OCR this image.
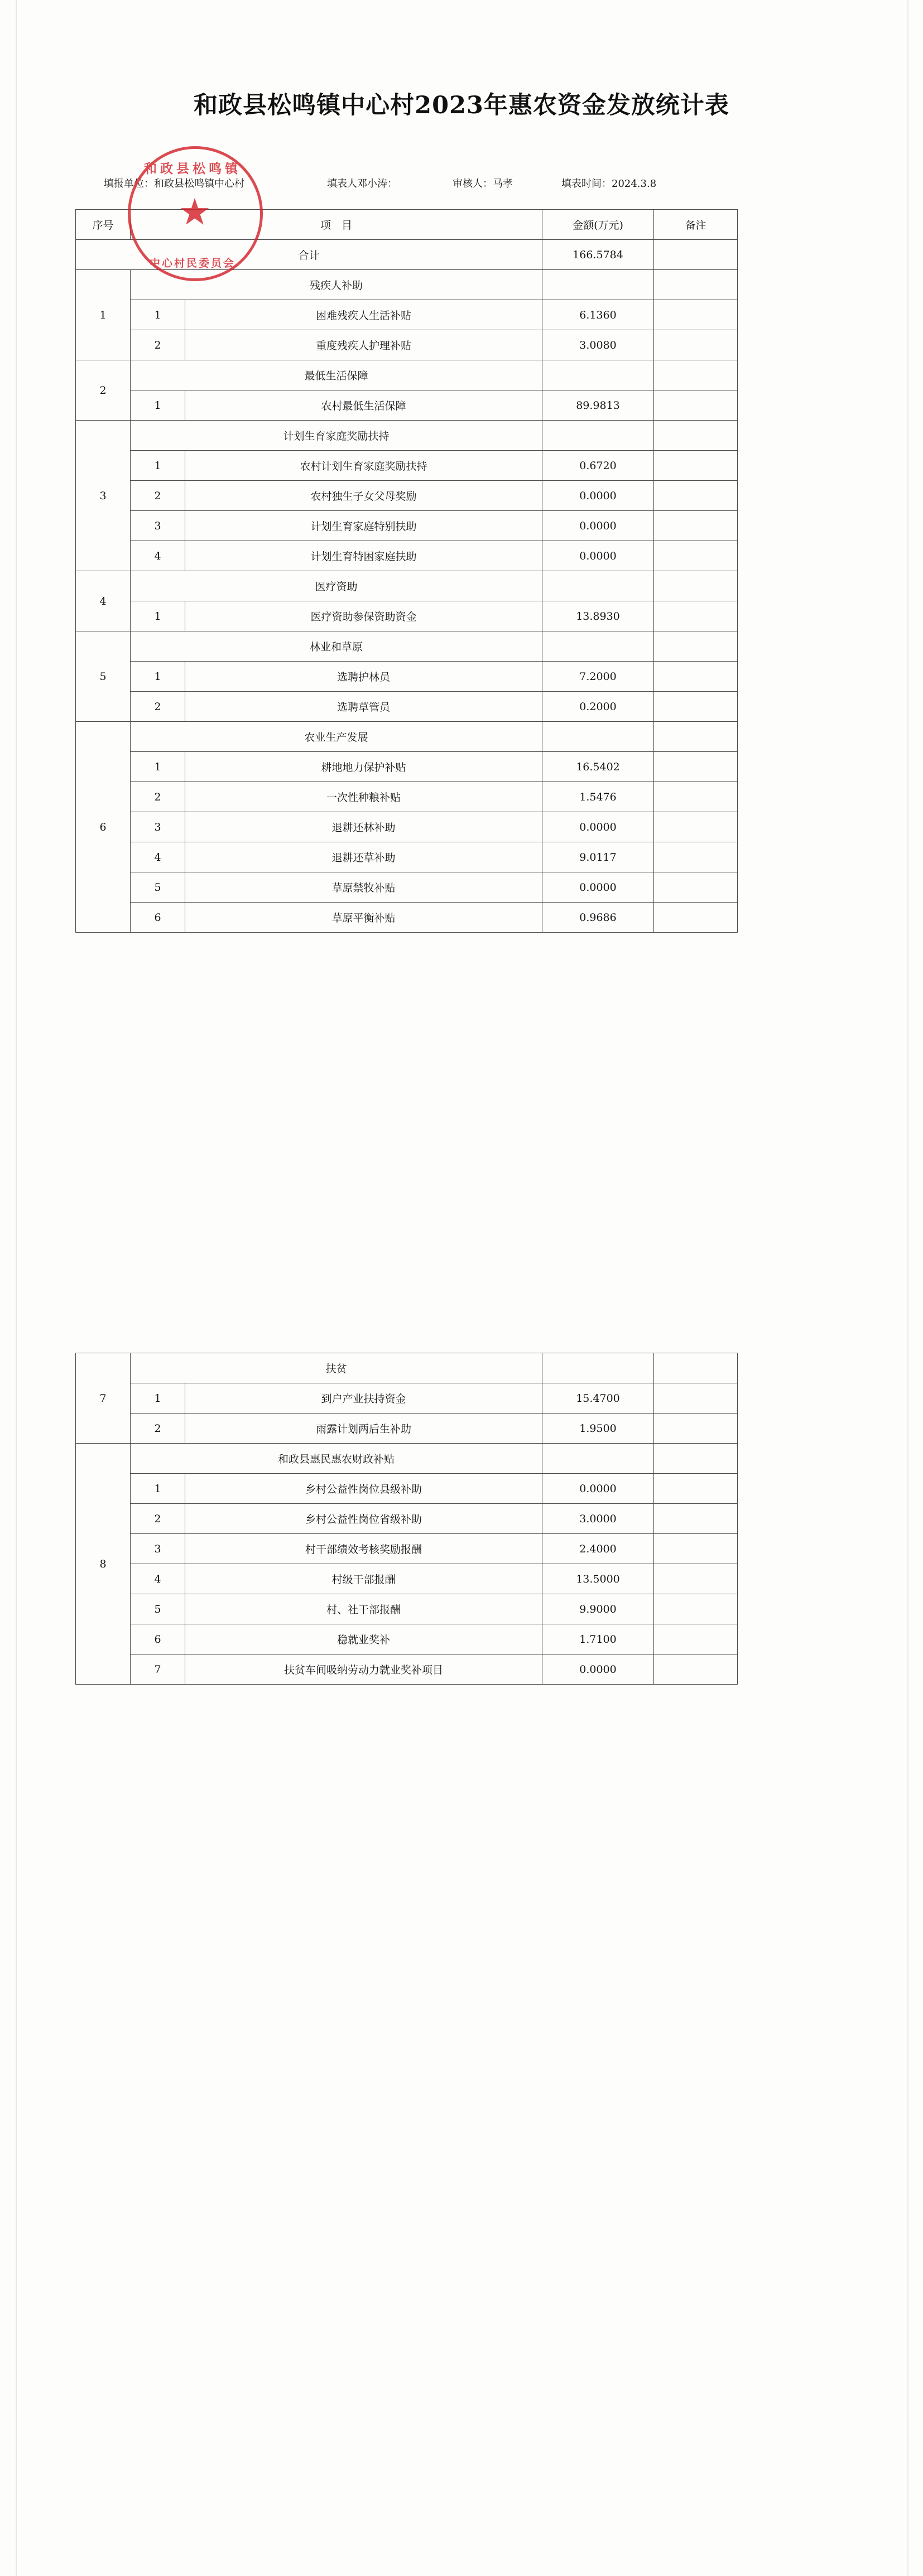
和政县松鸣镇中心村2023年惠农资金发放统计表
填报单位：和政县松鸣镇中心村	填表人邓小涛：	审核人：马孝	填表时间：2024.3.8
序号	项　目		金额(万元)	备注
合计			166.5784	
1	残疾人补助			
	1	困难残疾人生活补贴	6.1360	
	2	重度残疾人护理补贴	3.0080	
2	最低生活保障			
	1	农村最低生活保障	89.9813	
3	计划生育家庭奖励扶持			
	1	农村计划生育家庭奖励扶持	0.6720	
	2	农村独生子女父母奖励	0.0000	
	3	计划生育家庭特别扶助	0.0000	
	4	计划生育特困家庭扶助	0.0000	
4	医疗资助			
	1	医疗资助参保资助资金	13.8930	
5	林业和草原			
	1	选聘护林员	7.2000	
	2	选聘草管员	0.2000	
6	农业生产发展			
	1	耕地地力保护补贴	16.5402	
	2	一次性种粮补贴	1.5476	
	3	退耕还林补助	0.0000	
	4	退耕还草补助	9.0117	
	5	草原禁牧补贴	0.0000	
	6	草原平衡补贴	0.9686	
7	扶贫			
	1	到户产业扶持资金	15.4700	
	2	雨露计划两后生补助	1.9500	
8	和政县惠民惠农财政补贴			
	1	乡村公益性岗位县级补助	0.0000	
	2	乡村公益性岗位省级补助	3.0000	
	3	村干部绩效考核奖励报酬	2.4000	
	4	村级干部报酬	13.5000	
	5	村、社干部报酬	9.9000	
	6	稳就业奖补	1.7100	
	7	扶贫车间吸纳劳动力就业奖补项目	0.0000	
和政县松鸣镇
★
中心村民委员会
